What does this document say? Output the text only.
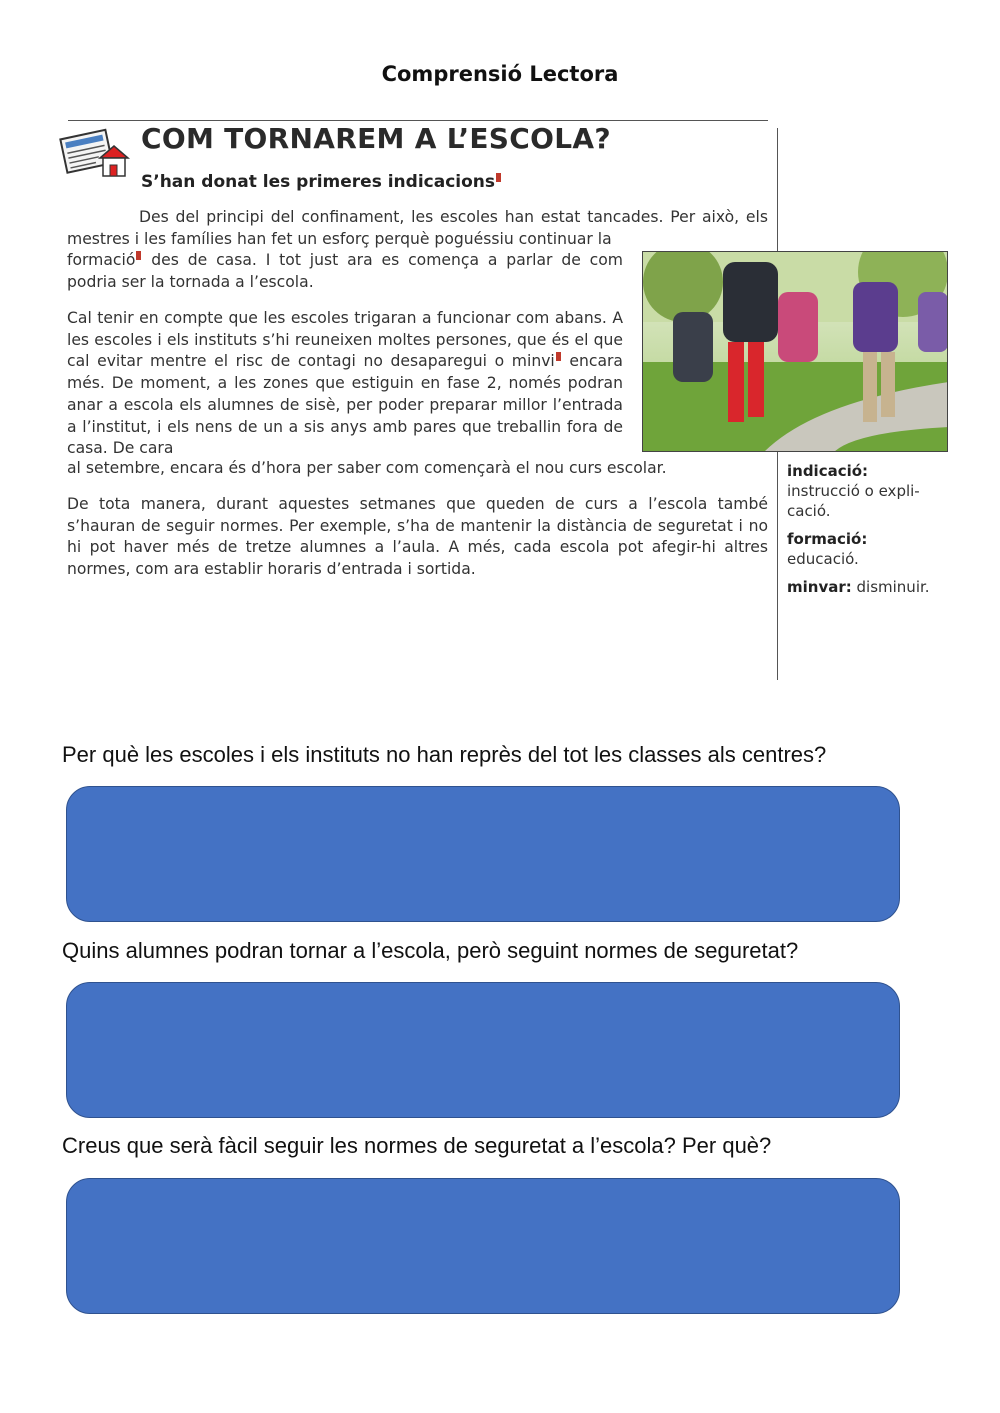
Comprensió Lectora
COM TORNAREM A L’ESCOLA?
S’han donat les primeres indicacions
Des del principi del confinament, les escoles han estat tancades. Per això, els mestres i les famílies han fet un esforç perquè poguéssiu continuar la
formació des de casa. I tot just ara es comença a parlar de com podria ser la tornada a l’escola.
Cal tenir en compte que les escoles trigaran a funcionar com abans. A les escoles i els instituts s’hi reuneixen moltes persones, que és el que cal evitar mentre el risc de contagi no desaparegui o minvi encara més. De moment, a les zones que estiguin en fase 2, només podran anar a escola els alumnes de sisè, per poder preparar millor l’entrada a l’institut, i els nens de un a sis anys amb pares que treballin fora de casa. De cara
al setembre, encara és d’hora per saber com començarà el nou curs escolar.
De tota manera, durant aquestes setmanes que queden de curs a l’escola també s’hauran de seguir normes. Per exemple, s’ha de mantenir la distància de seguretat i no hi pot haver més de tretze alumnes a l’aula. A més, cada escola pot afegir-hi altres normes, com ara establir horaris d’entrada i sortida.
indicació:
instrucció o expli-cació.
formació:
educació.
minvar: disminuir.
Per què les escoles i els instituts no han reprès del tot les classes als centres?
Quins alumnes podran tornar a l’escola, però seguint normes de seguretat?
Creus que serà fàcil seguir les normes de seguretat a l’escola? Per què?
